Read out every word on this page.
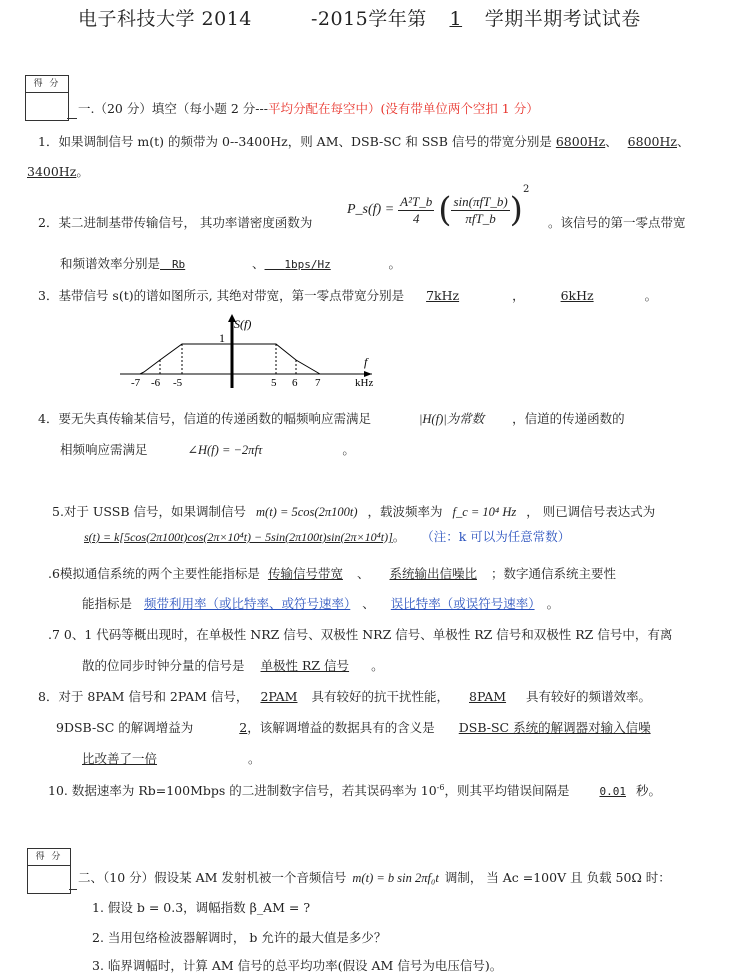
电子科技大学 2014	-2015学年第 1 学期半期考试试卷
得 分
一.（20 分）填空（每小题 2 分---平均分配在每空中）(没有带单位两个空扣 1 分）
1．如果调制信号 m(t) 的频带为 0--3400Hz，则 AM、DSB-SC 和 SSB 信号的带宽分别是 6800Hz、 6800Hz、
3400Hz。
2．某二进制基带传输信号， 其功率谱密度函数为
P_s(f) = $\frac{\text{A²T\_b}}{4}$ ( $\frac{\text{sin(πfT\_b)}}{\text{πfT\_b}} )^2$
。该信号的第一零点带宽
和频谱效率分别是 Rb	、 1bps/Hz	。
3．基带信号 s(t)的谱如图所示, 其绝对带宽，第一零点带宽分别是 7kHz	，	6kHz	。
S(f)
1
f
kHz
-7 -6 -5	5 6 7
4．要无失真传输某信号，信道的传递函数的幅频响应需满足	|H(f)|为常数 ，信道的传递函数的
相频响应需满足	∠H(f) = −2πfτ	。
5.对于 USSB 信号，如果调制信号 m(t) = 5cos(2π100t) ，载波频率为 f_c = 10⁴ Hz ， 则已调信号表达式为
s(t) = k[5cos(2π100t)cos(2π×10⁴t) − 5sin(2π100t)sin(2π×10⁴t)]。 （注：k 可以为任意常数）
.6模拟通信系统的两个主要性能指标是 传输信号带宽 、 系统输出信噪比 ；数字通信系统主要性
能指标是 频带利用率（或比特率、或符号速率） 、 误比特率（或误符号速率） 。
.7 0、1 代码等概出现时，在单极性 NRZ 信号、双极性 NRZ 信号、单极性 RZ 信号和双极性 RZ 信号中，有离
散的位同步时钟分量的信号是 单极性 RZ 信号 。
8．对于 8PAM 信号和 2PAM 信号， 2PAM 具有较好的抗干扰性能， 8PAM 具有较好的频谱效率。
9DSB-SC 的解调增益为	2，该解调增益的数据具有的含义是 DSB-SC 系统的解调器对输入信噪
比改善了一倍	。
10. 数据速率为 Rb=100Mbps 的二进制数字信号，若其误码率为 $10^{-6}$，则其平均错误间隔是	0.01 秒。
得 分
二、（10 分）假设某 AM 发射机被一个音频信号 m(t) = b sin 2πf₀t 调制， 当 Ac =100V 且 负载 50Ω 时：
1. 假设 b = 0.3，调幅指数 β_AM = ?
2. 当用包络检波器解调时， b 允许的最大值是多少？
3. 临界调幅时，计算 AM 信号的总平均功率(假设 AM 信号为电压信号)。
